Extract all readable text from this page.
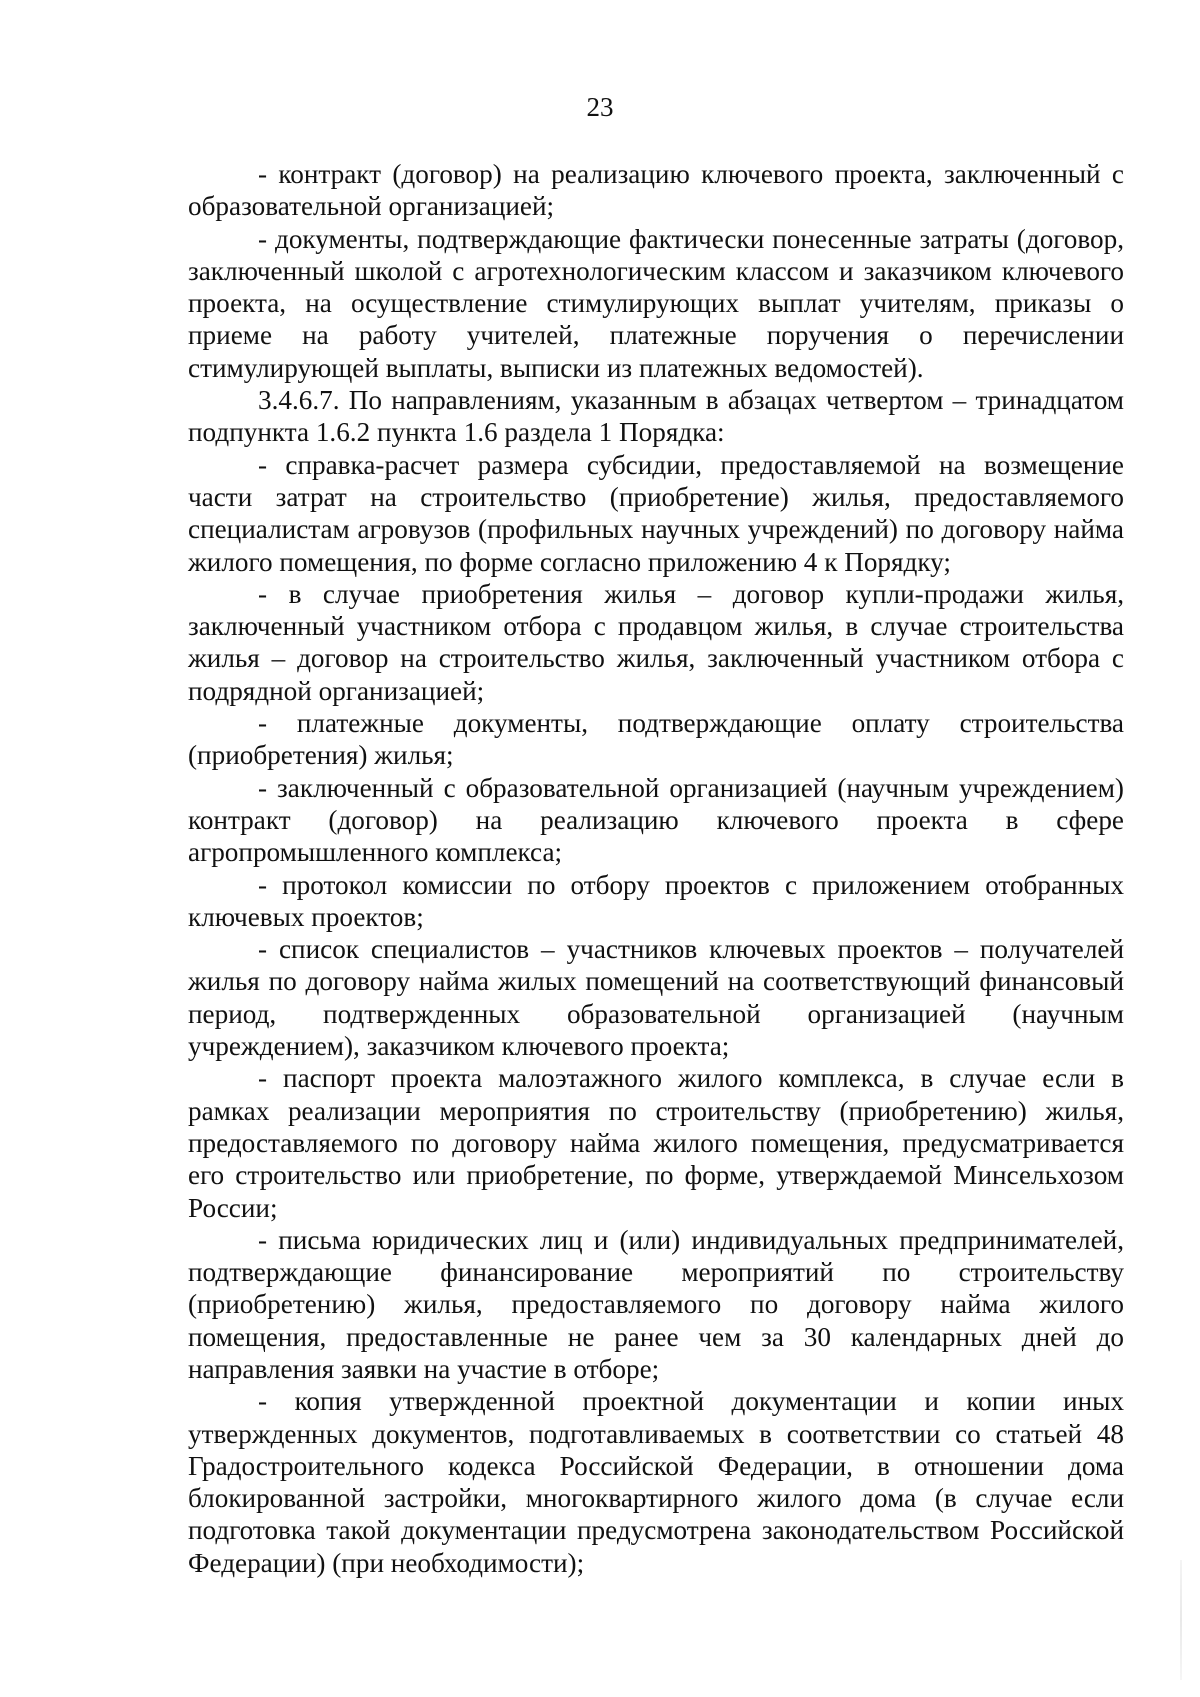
23

- контракт (договор) на реализацию ключевого проекта, заключенный с образовательной организацией;

- документы, подтверждающие фактически понесенные затраты (договор, заключенный школой с агротехнологическим классом и заказчиком ключевого проекта, на осуществление стимулирующих выплат учителям, приказы о приеме на работу учителей, платежные поручения о перечислении стимулирующей выплаты, выписки из платежных ведомостей).

3.4.6.7. По направлениям, указанным в абзацах четвертом – тринадцатом подпункта 1.6.2 пункта 1.6 раздела 1 Порядка:

- справка-расчет размера субсидии, предоставляемой на возмещение части затрат на строительство (приобретение) жилья, предоставляемого специалистам агровузов (профильных научных учреждений) по договору найма жилого помещения, по форме согласно приложению 4 к Порядку;

- в случае приобретения жилья – договор купли-продажи жилья, заключенный участником отбора с продавцом жилья, в случае строительства жилья – договор на строительство жилья, заключенный участником отбора с подрядной организацией;

- платежные документы, подтверждающие оплату строительства (приобретения) жилья;

- заключенный с образовательной организацией (научным учреждением) контракт (договор) на реализацию ключевого проекта в сфере агропромышленного комплекса;

- протокол комиссии по отбору проектов с приложением отобранных ключевых проектов;

- список специалистов – участников ключевых проектов – получателей жилья по договору найма жилых помещений на соответствующий финансовый период, подтвержденных образовательной организацией (научным учреждением), заказчиком ключевого проекта;

- паспорт проекта малоэтажного жилого комплекса, в случае если в рамках реализации мероприятия по строительству (приобретению) жилья, предоставляемого по договору найма жилого помещения, предусматривается его строительство или приобретение, по форме, утверждаемой Минсельхозом России;

- письма юридических лиц и (или) индивидуальных предпринимателей, подтверждающие финансирование мероприятий по строительству (приобретению) жилья, предоставляемого по договору найма жилого помещения, предоставленные не ранее чем за 30 календарных дней до направления заявки на участие в отборе;

- копия утвержденной проектной документации и копии иных утвержденных документов, подготавливаемых в соответствии со статьей 48 Градостроительного кодекса Российской Федерации, в отношении дома блокированной застройки, многоквартирного жилого дома (в случае если подготовка такой документации предусмотрена законодательством Российской Федерации) (при необходимости);
